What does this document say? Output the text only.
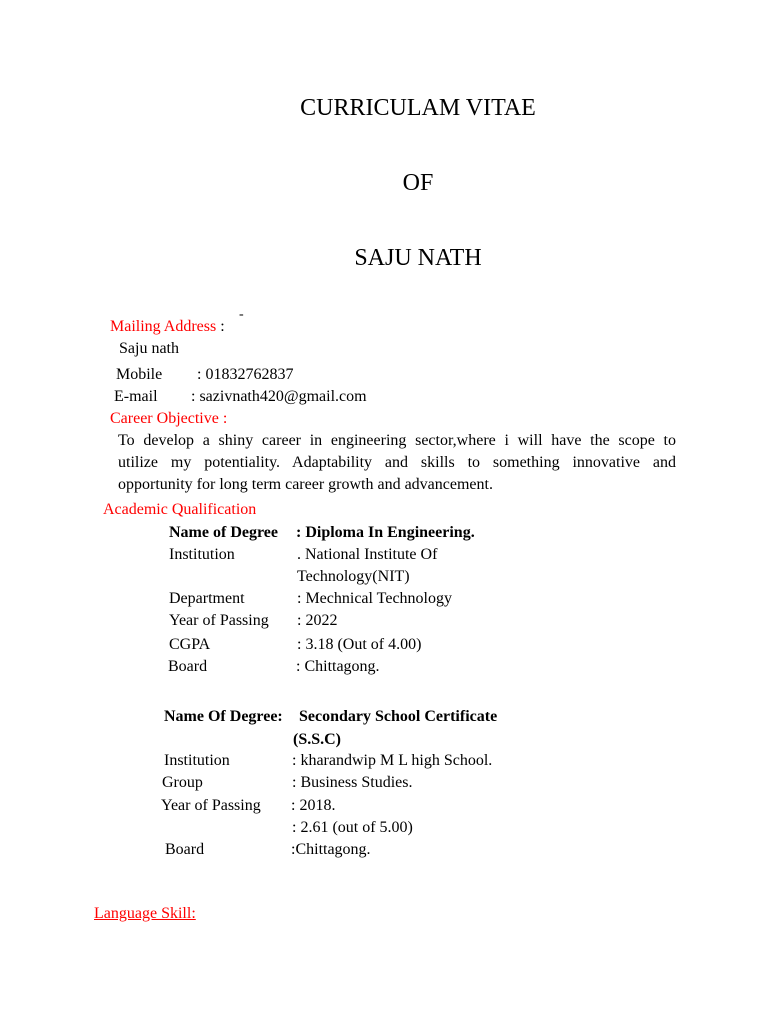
CURRICULAM VITAE
OF
SAJU NATH
Mailing Address :
-
Saju nath
Mobile : 01832762837
E-mail : sazivnath420@gmail.com
Career Objective :
To develop a shiny career in engineering sector,where i will have the scope to
utilize my potentiality. Adaptability and skills to something innovative and
opportunity for long term career growth and advancement.
Academic Qualification
Name of Degree : Diploma In Engineering.
Institution	. National Institute Of
Technology(NIT)
Department	: Mechnical Technology
Year of Passing : 2022
CGPA	: 3.18 (Out of 4.00)
Board	: Chittagong.
Name Of Degree: Secondary School Certificate
(S.S.C)
Institution	: kharandwip M L high School.
Group	: Business Studies.
Year of Passing : 2018.
: 2.61 (out of 5.00)
Board	:Chittagong.
Language Skill:
